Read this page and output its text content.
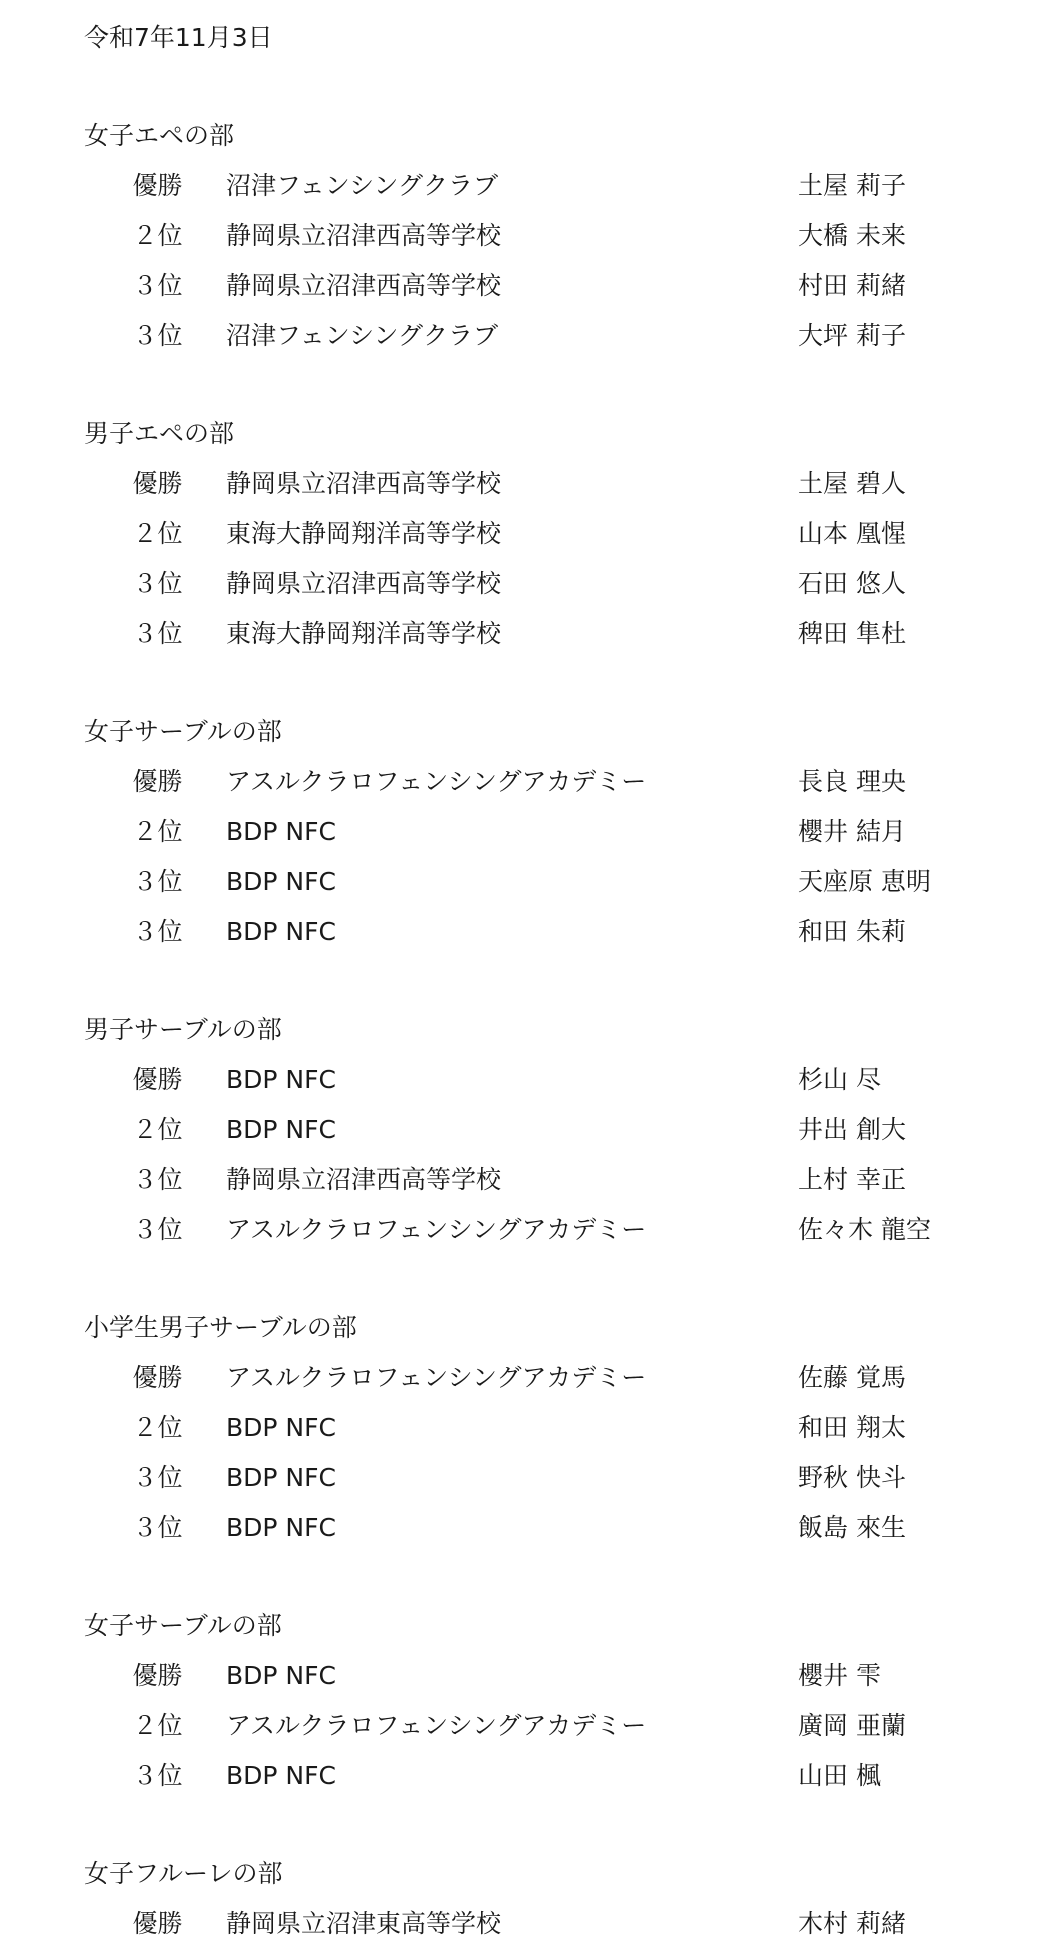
令和7年11月3日
女子エペの部
優勝	沼津フェンシングクラブ	土屋 莉子
２位	静岡県立沼津西高等学校	大橋 未来
３位	静岡県立沼津西高等学校	村田 莉緒
３位	沼津フェンシングクラブ	大坪 莉子
男子エペの部
優勝	静岡県立沼津西高等学校	土屋 碧人
２位	東海大静岡翔洋高等学校	山本 凰惺
３位	静岡県立沼津西高等学校	石田 悠人
３位	東海大静岡翔洋高等学校	稗田 隼杜
女子サーブルの部
優勝	アスルクラロフェンシングアカデミー	長良 理央
２位	BDP NFC	櫻井 結月
３位	BDP NFC	天座原 恵明
３位	BDP NFC	和田 朱莉
男子サーブルの部
優勝	BDP NFC	杉山 尽
２位	BDP NFC	井出 創大
３位	静岡県立沼津西高等学校	上村 幸正
３位	アスルクラロフェンシングアカデミー	佐々木 龍空
小学生男子サーブルの部
優勝	アスルクラロフェンシングアカデミー	佐藤 覚馬
２位	BDP NFC	和田 翔太
３位	BDP NFC	野秋 快斗
３位	BDP NFC	飯島 來生
女子サーブルの部
優勝	BDP NFC	櫻井 雫
２位	アスルクラロフェンシングアカデミー	廣岡 亜蘭
３位	BDP NFC	山田 楓
女子フルーレの部
優勝	静岡県立沼津東高等学校	木村 莉緒
